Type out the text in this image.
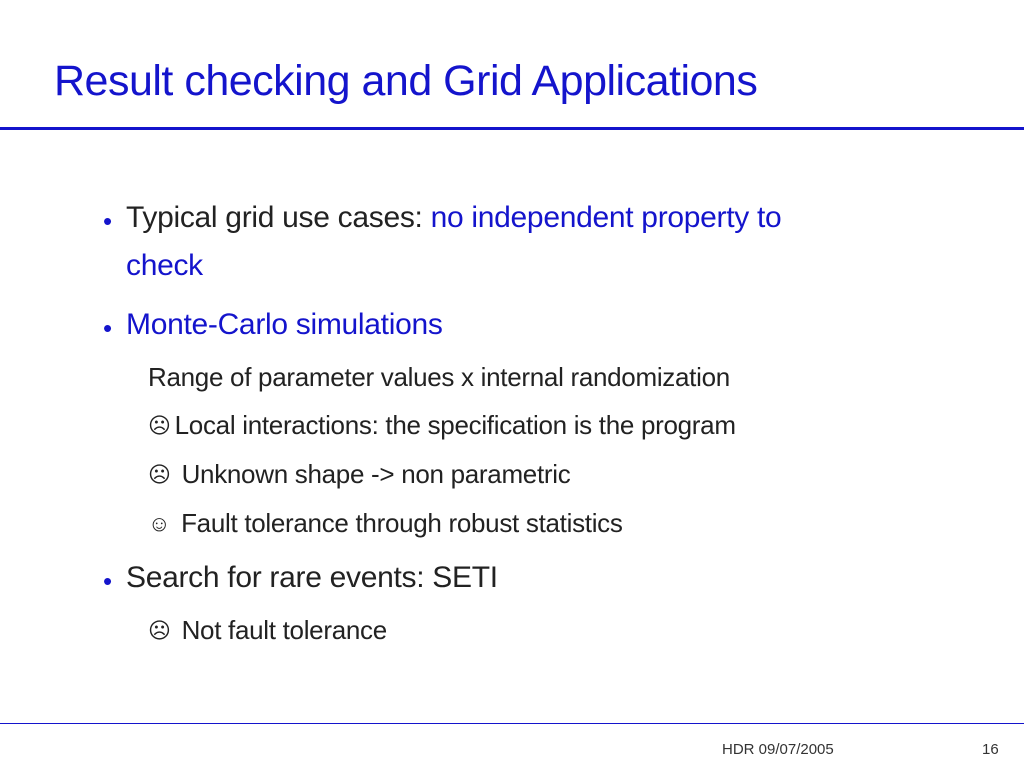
Result checking and Grid Applications
• Typical grid use cases: no independent property to
check
• Monte-Carlo simulations
Range of parameter values x internal randomization
☹ Local interactions: the specification is the program
☹ Unknown shape -> non parametric
☺ Fault tolerance through robust statistics
• Search for rare events: SETI
☹ Not fault tolerance
HDR 09/07/2005	16
